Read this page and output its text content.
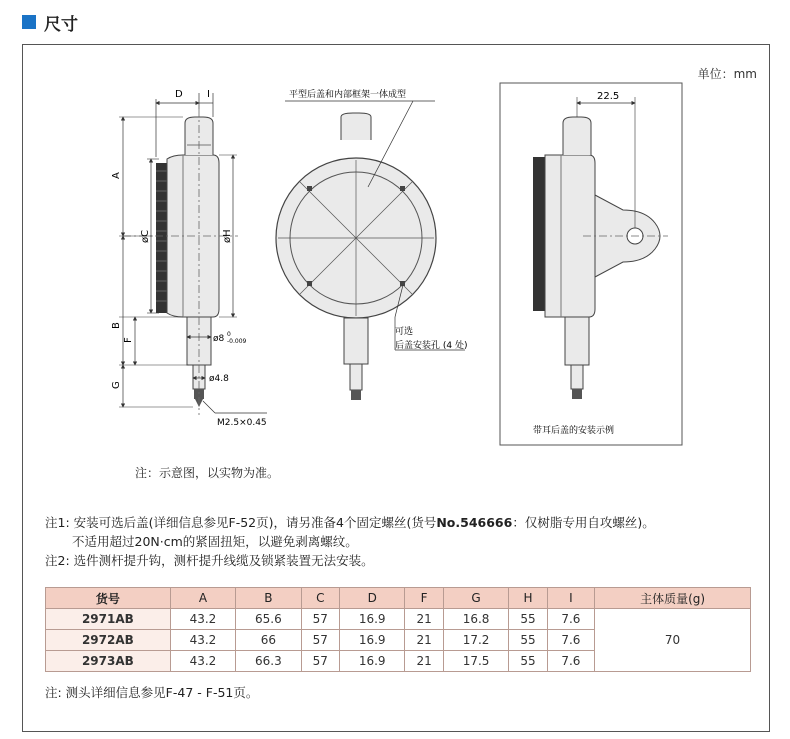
尺寸
单位：mm
D I
A
B
F
G
øC	øH
ø8 0
-0.009
ø4.8
M2.5×0.45
平型后盖和内部框架一体成型
可选
后盖安装孔 (4 处)
22.5
带耳后盖的安装示例
注：示意图，以实物为准。
注1: 安装可选后盖(详细信息参见F-52页)，请另准备4个固定螺丝(货号No.546666：仅树脂专用自攻螺丝)。
不适用超过20N·cm的紧固扭矩，以避免剥离螺纹。
注2: 选件测杆提升钩，测杆提升线缆及锁紧装置无法安装。
货号	A	B	C	D	F	G	H	I	主体质量(g)
2971AB	43.2	65.6	57	16.9	21	16.8	55	7.6	70
2972AB	43.2	66	57	16.9	21	17.2	55	7.6	
2973AB	43.2	66.3	57	16.9	21	17.5	55	7.6	
注: 测头详细信息参见F-47 - F-51页。
